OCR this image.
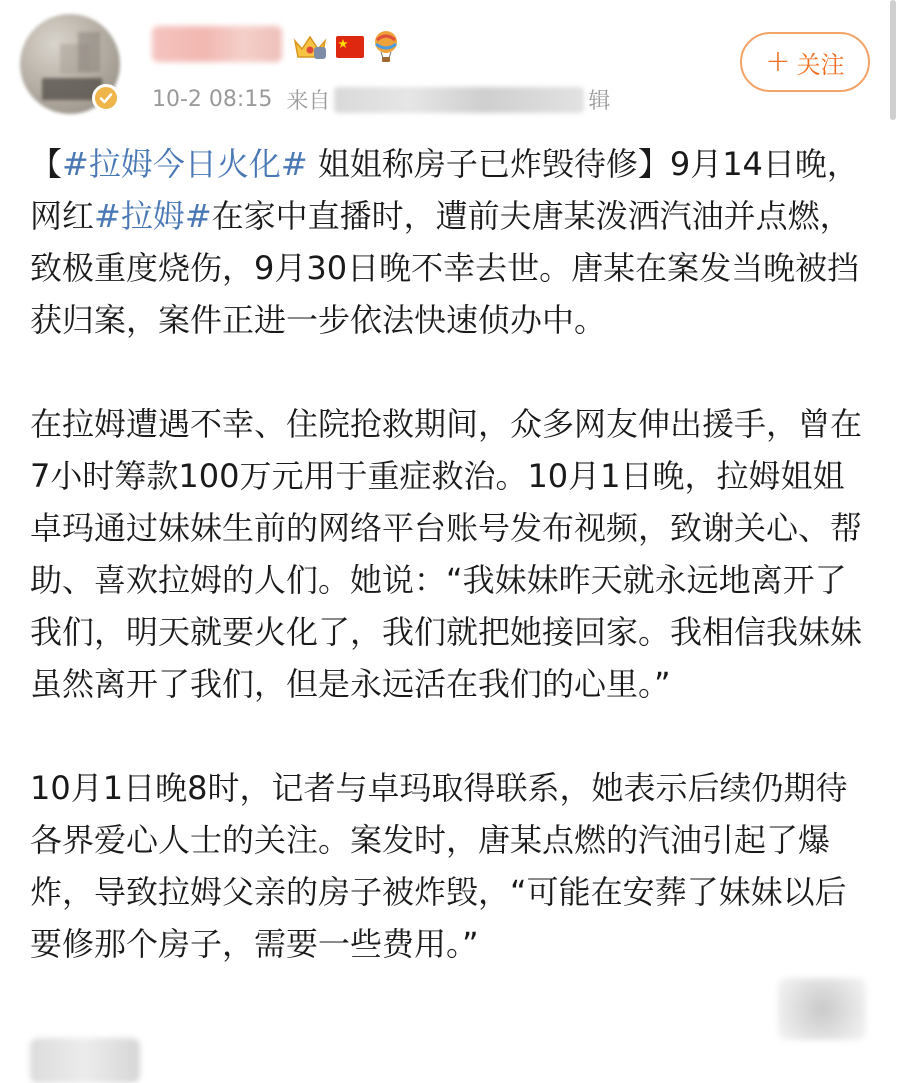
10-2 08:15 来自	辑
+ 关注

【#拉姆今日火化# 姐姐称房子已炸毁待修】9月14日晚，网红#拉姆#在家中直播时，遭前夫唐某泼洒汽油并点燃，致极重度烧伤，9月30日晚不幸去世。唐某在案发当晚被挡获归案，案件正进一步依法快速侦办中。

在拉姆遭遇不幸、住院抢救期间，众多网友伸出援手，曾在7小时筹款100万元用于重症救治。10月1日晚，拉姆姐姐卓玛通过妹妹生前的网络平台账号发布视频，致谢关心、帮助、喜欢拉姆的人们。她说：“我妹妹昨天就永远地离开了我们，明天就要火化了，我们就把她接回家。我相信我妹妹虽然离开了我们，但是永远活在我们的心里。”

10月1日晚8时，记者与卓玛取得联系，她表示后续仍期待各界爱心人士的关注。案发时，唐某点燃的汽油引起了爆炸，导致拉姆父亲的房子被炸毁，“可能在安葬了妹妹以后要修那个房子，需要一些费用。”
